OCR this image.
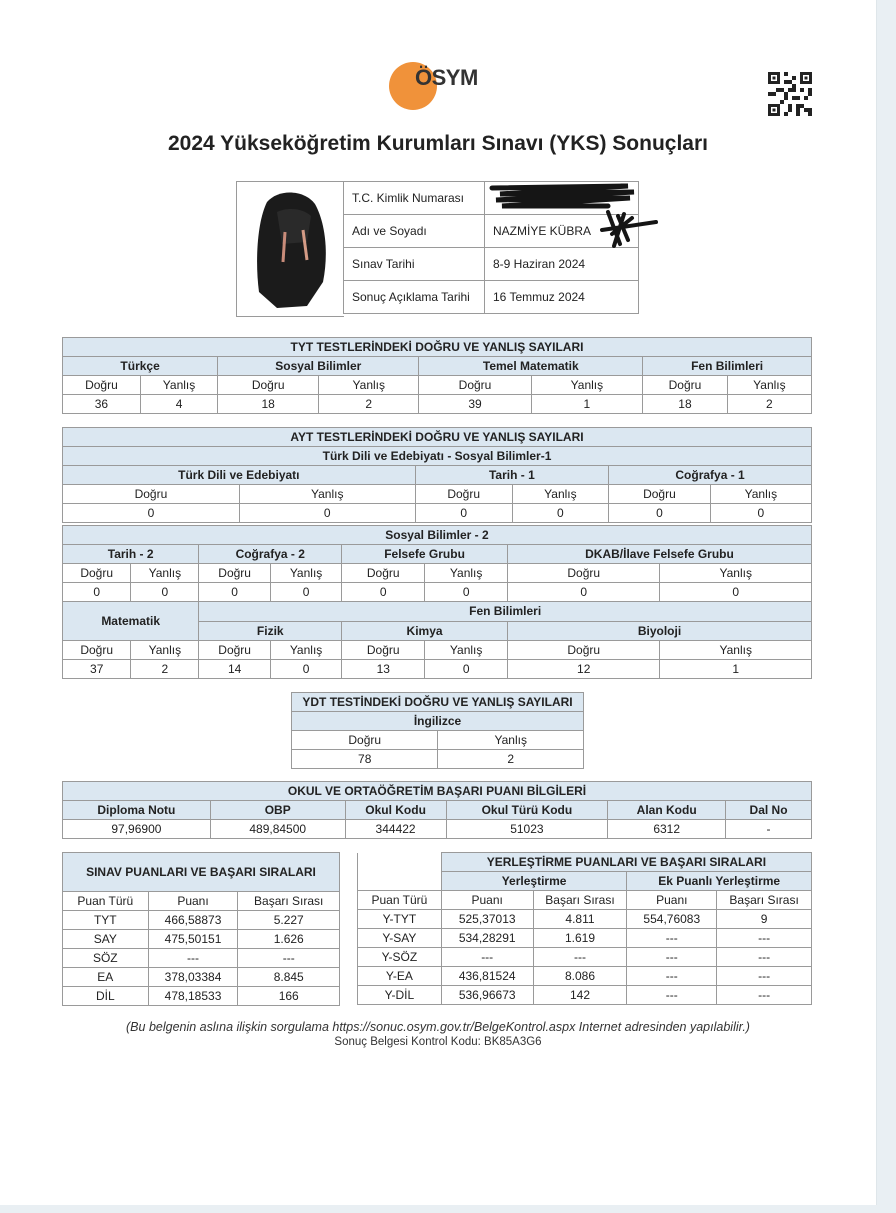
ÖSYM
2024 Yükseköğretim Kurumları Sınavı (YKS) Sonuçları
T.C. Kimlik Numarası	
Adı ve Soyadı	NAZMİYE KÜBRA
Sınav Tarihi	8-9 Haziran 2024
Sonuç Açıklama Tarihi	16 Temmuz 2024
TYT TESTLERİNDEKİ DOĞRU VE YANLIŞ SAYILARI							
Türkçe		Sosyal Bilimler		Temel Matematik		Fen Bilimleri	
Doğru	Yanlış	Doğru	Yanlış	Doğru	Yanlış	Doğru	Yanlış
36	4	18	2	39	1	18	2
AYT TESTLERİNDEKİ DOĞRU VE YANLIŞ SAYILARI					
Türk Dili ve Edebiyatı - Sosyal Bilimler-1					
Türk Dili ve Edebiyatı		Tarih - 1		Coğrafya - 1	
Doğru	Yanlış	Doğru	Yanlış	Doğru	Yanlış
0	0	0	0	0	0
Sosyal Bilimler - 2							
Tarih - 2		Coğrafya - 2		Felsefe Grubu		DKAB/İlave Felsefe Grubu	
Doğru	Yanlış	Doğru	Yanlış	Doğru	Yanlış	Doğru	Yanlış
0	0	0	0	0	0	0	0
Matematik		Fen Bilimleri					
		Fizik		Kimya		Biyoloji	
Doğru	Yanlış	Doğru	Yanlış	Doğru	Yanlış	Doğru	Yanlış
37	2	14	0	13	0	12	1
YDT TESTİNDEKİ DOĞRU VE YANLIŞ SAYILARI	
İngilizce	
Doğru	Yanlış
78	2
OKUL VE ORTAÖĞRETİM BAŞARI PUANI BİLGİLERİ					
Diploma Notu	OBP	Okul Kodu	Okul Türü Kodu	Alan Kodu	Dal No
97,96900	489,84500	344422	51023	6312	-
SINAV PUANLARI VE BAŞARI SIRALARI		
Puan Türü	Puanı	Başarı Sırası
TYT	466,58873	5.227
SAY	475,50151	1.626
SÖZ	---	---
EA	378,03384	8.845
DİL	478,18533	166
	YERLEŞTİRME PUANLARI VE BAŞARI SIRALARI			
	Yerleştirme		Ek Puanlı Yerleştirme	
Puan Türü	Puanı	Başarı Sırası	Puanı	Başarı Sırası
Y-TYT	525,37013	4.811	554,76083	9
Y-SAY	534,28291	1.619	---	---
Y-SÖZ	---	---	---	---
Y-EA	436,81524	8.086	---	---
Y-DİL	536,96673	142	---	---
(Bu belgenin aslına ilişkin sorgulama https://sonuc.osym.gov.tr/BelgeKontrol.aspx Internet adresinden yapılabilir.)
Sonuç Belgesi Kontrol Kodu: BK85A3G6
